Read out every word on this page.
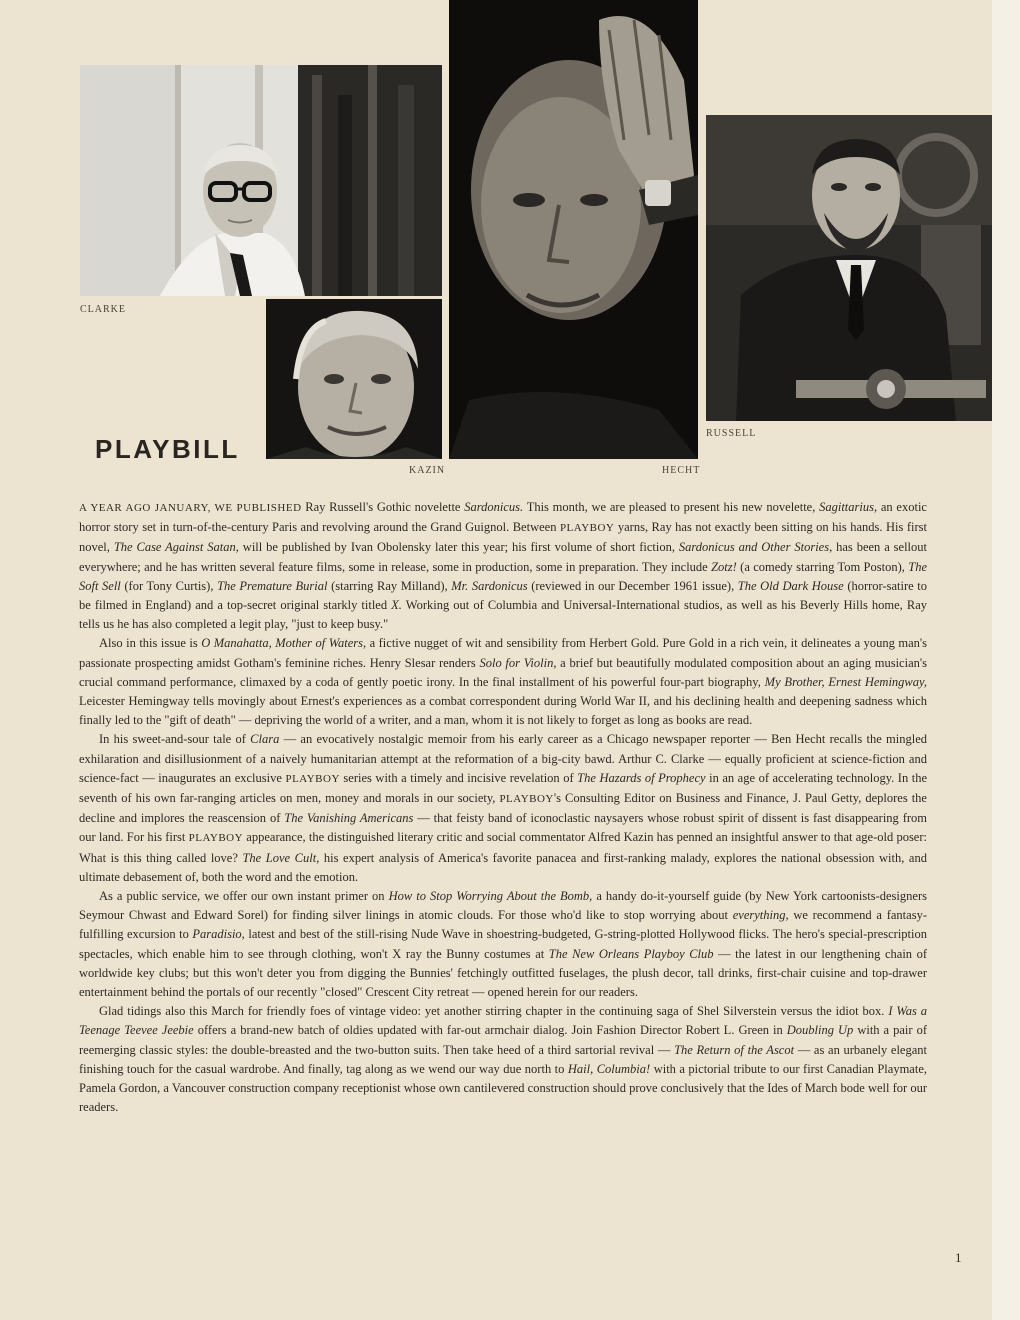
CLARKE
PLAYBILL
KAZIN	HECHT
RUSSELL

A YEAR AGO JANUARY, WE PUBLISHED Ray Russell's Gothic novelette Sardonicus. This month, we are pleased to present his new novelette, Sagittarius, an exotic horror story set in turn-of-the-century Paris and revolving around the Grand Guignol. Between PLAYBOY yarns, Ray has not exactly been sitting on his hands. His first novel, The Case Against Satan, will be published by Ivan Obolensky later this year; his first volume of short fiction, Sardonicus and Other Stories, has been a sellout everywhere; and he has written several feature films, some in release, some in production, some in preparation. They include Zotz! (a comedy starring Tom Poston), The Soft Sell (for Tony Curtis), The Premature Burial (starring Ray Milland), Mr. Sardonicus (reviewed in our December 1961 issue), The Old Dark House (horror-satire to be filmed in England) and a top-secret original starkly titled X. Working out of Columbia and Universal-International studios, as well as his Beverly Hills home, Ray tells us he has also completed a legit play, "just to keep busy."

Also in this issue is O Manahatta, Mother of Waters, a fictive nugget of wit and sensibility from Herbert Gold. Pure Gold in a rich vein, it delineates a young man's passionate prospecting amidst Gotham's feminine riches. Henry Slesar renders Solo for Violin, a brief but beautifully modulated composition about an aging musician's crucial command performance, climaxed by a coda of gently poetic irony. In the final installment of his powerful four-part biography, My Brother, Ernest Hemingway, Leicester Hemingway tells movingly about Ernest's experiences as a combat correspondent during World War II, and his declining health and deepening sadness which finally led to the "gift of death" — depriving the world of a writer, and a man, whom it is not likely to forget as long as books are read.

In his sweet-and-sour tale of Clara — an evocatively nostalgic memoir from his early career as a Chicago newspaper reporter — Ben Hecht recalls the mingled exhilaration and disillusionment of a naively humanitarian attempt at the reformation of a big-city bawd. Arthur C. Clarke — equally proficient at science-fiction and science-fact — inaugurates an exclusive PLAYBOY series with a timely and incisive revelation of The Hazards of Prophecy in an age of accelerating technology. In the seventh of his own far-ranging articles on men, money and morals in our society, PLAYBOY's Consulting Editor on Business and Finance, J. Paul Getty, deplores the decline and implores the reascension of The Vanishing Americans — that feisty band of iconoclastic naysayers whose robust spirit of dissent is fast disappearing from our land. For his first PLAYBOY appearance, the distinguished literary critic and social commentator Alfred Kazin has penned an insightful answer to that age-old poser: What is this thing called love? The Love Cult, his expert analysis of America's favorite panacea and first-ranking malady, explores the national obsession with, and ultimate debasement of, both the word and the emotion.

As a public service, we offer our own instant primer on How to Stop Worrying About the Bomb, a handy do-it-yourself guide (by New York cartoonists-designers Seymour Chwast and Edward Sorel) for finding silver linings in atomic clouds. For those who'd like to stop worrying about everything, we recommend a fantasy-fulfilling excursion to Paradisio, latest and best of the still-rising Nude Wave in shoestring-budgeted, G-string-plotted Hollywood flicks. The hero's special-prescription spectacles, which enable him to see through clothing, won't X ray the Bunny costumes at The New Orleans Playboy Club — the latest in our lengthening chain of worldwide key clubs; but this won't deter you from digging the Bunnies' fetchingly outfitted fuselages, the plush decor, tall drinks, first-chair cuisine and top-drawer entertainment behind the portals of our recently "closed" Crescent City retreat — opened herein for our readers.

Glad tidings also this March for friendly foes of vintage video: yet another stirring chapter in the continuing saga of Shel Silverstein versus the idiot box. I Was a Teenage Teevee Jeebie offers a brand-new batch of oldies updated with far-out armchair dialog. Join Fashion Director Robert L. Green in Doubling Up with a pair of reemerging classic styles: the double-breasted and the two-button suits. Then take heed of a third sartorial revival — The Return of the Ascot — as an urbanely elegant finishing touch for the casual wardrobe. And finally, tag along as we wend our way due north to Hail, Columbia! with a pictorial tribute to our first Canadian Playmate, Pamela Gordon, a Vancouver construction company receptionist whose own cantilevered construction should prove conclusively that the Ides of March bode well for our readers.

1
